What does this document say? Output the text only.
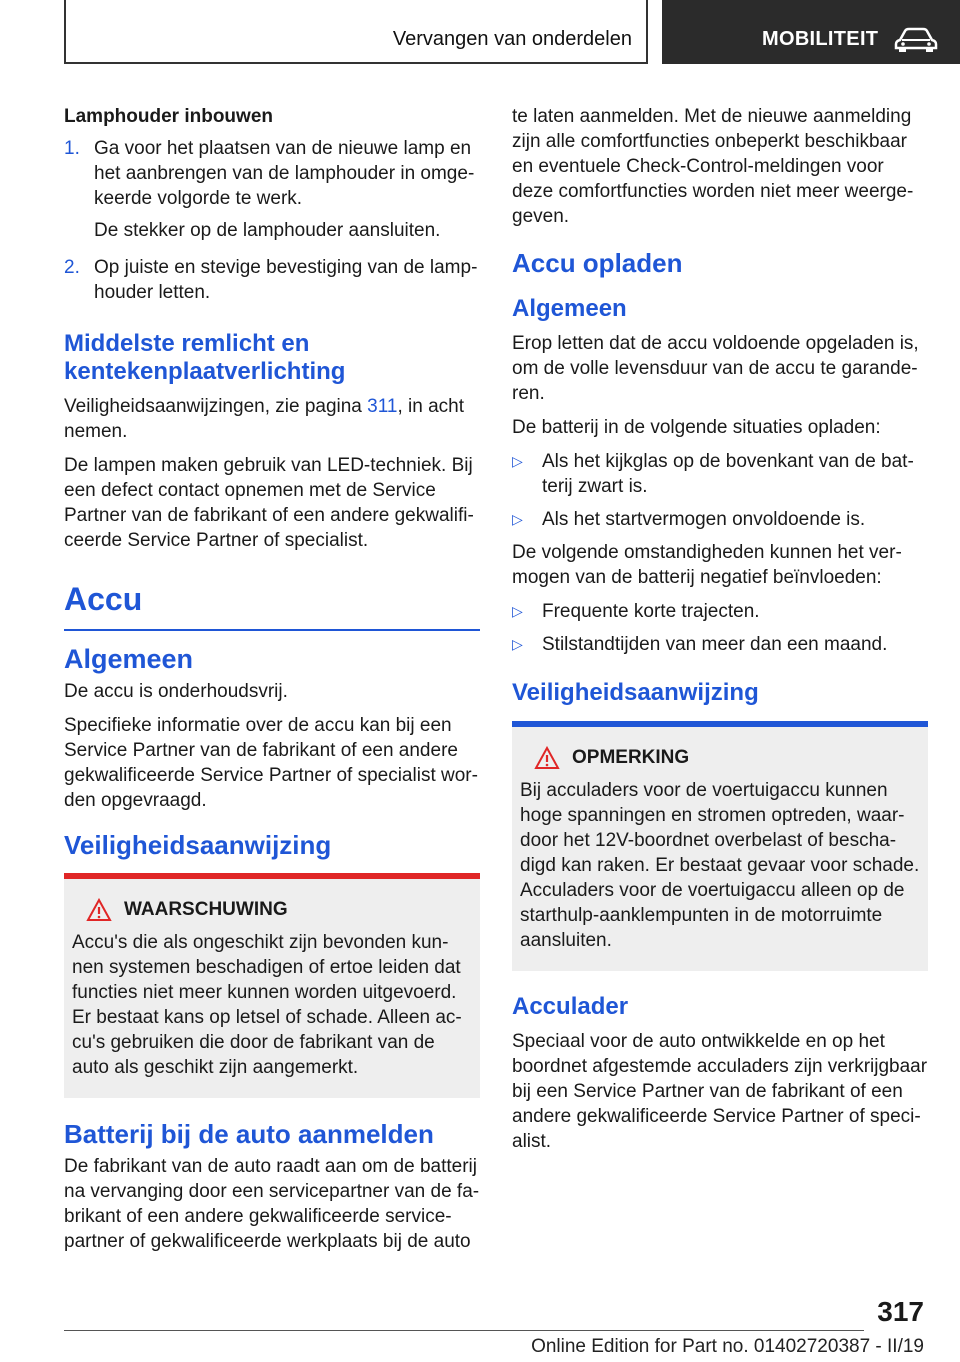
Vervangen van onderdelen	MOBILITEIT
Lamphouder inbouwen
1. Ga voor het plaatsen van de nieuwe lamp en het aanbrengen van de lamphouder in omgekeerde volgorde te werk.

De stekker op de lamphouder aansluiten.

2. Op juiste en stevige bevestiging van de lamphouder letten.

Middelste remlicht en kentekenplaatverlichting

Veiligheidsaanwijzingen, zie pagina 311, in acht nemen.

De lampen maken gebruik van LED-techniek. Bij een defect contact opnemen met de Service Partner van de fabrikant of een andere gekwalificeerde Service Partner of specialist.

Accu
Algemeen

De accu is onderhoudsvrij.

Specifieke informatie over de accu kan bij een Service Partner van de fabrikant of een andere gekwalificeerde Service Partner of specialist worden opgevraagd.

Veiligheidsaanwijzing
WAARSCHUWING
Accu's die als ongeschikt zijn bevonden kunnen systemen beschadigen of ertoe leiden dat functies niet meer kunnen worden uitgevoerd. Er bestaat kans op letsel of schade. Alleen accu's gebruiken die door de fabrikant van de auto als geschikt zijn aangemerkt.
Batterij bij de auto aanmelden

De fabrikant van de auto raadt aan om de batterij na vervanging door een servicepartner van de fabrikant of een andere gekwalificeerde servicepartner of gekwalificeerde werkplaats bij de auto

te laten aanmelden. Met de nieuwe aanmelding zijn alle comfortfuncties onbeperkt beschikbaar en eventuele Check-Control-meldingen voor deze comfortfuncties worden niet meer weergegeven.

Accu opladen
Algemeen

Erop letten dat de accu voldoende opgeladen is, om de volle levensduur van de accu te garanderen.

De batterij in de volgende situaties opladen:

▷	Als het kijkglas op de bovenkant van de batterij zwart is.
▷	Als het startvermogen onvoldoende is.

De volgende omstandigheden kunnen het vermogen van de batterij negatief beïnvloeden:

▷	Frequente korte trajecten.
▷	Stilstandtijden van meer dan een maand.
Veiligheidsaanwijzing
OPMERKING
Bij acculaders voor de voertuigaccu kunnen hoge spanningen en stromen optreden, waardoor het 12V-boordnet overbelast of beschadigd kan raken. Er bestaat gevaar voor schade. Acculaders voor de voertuigaccu alleen op de starthulp-aanklempunten in de motorruimte aansluiten.
Acculader

Speciaal voor de auto ontwikkelde en op het boordnet afgestemde acculaders zijn verkrijgbaar bij een Service Partner van de fabrikant of een andere gekwalificeerde Service Partner of specialist.

317
Online Edition for Part no. 01402720387 - II/19
